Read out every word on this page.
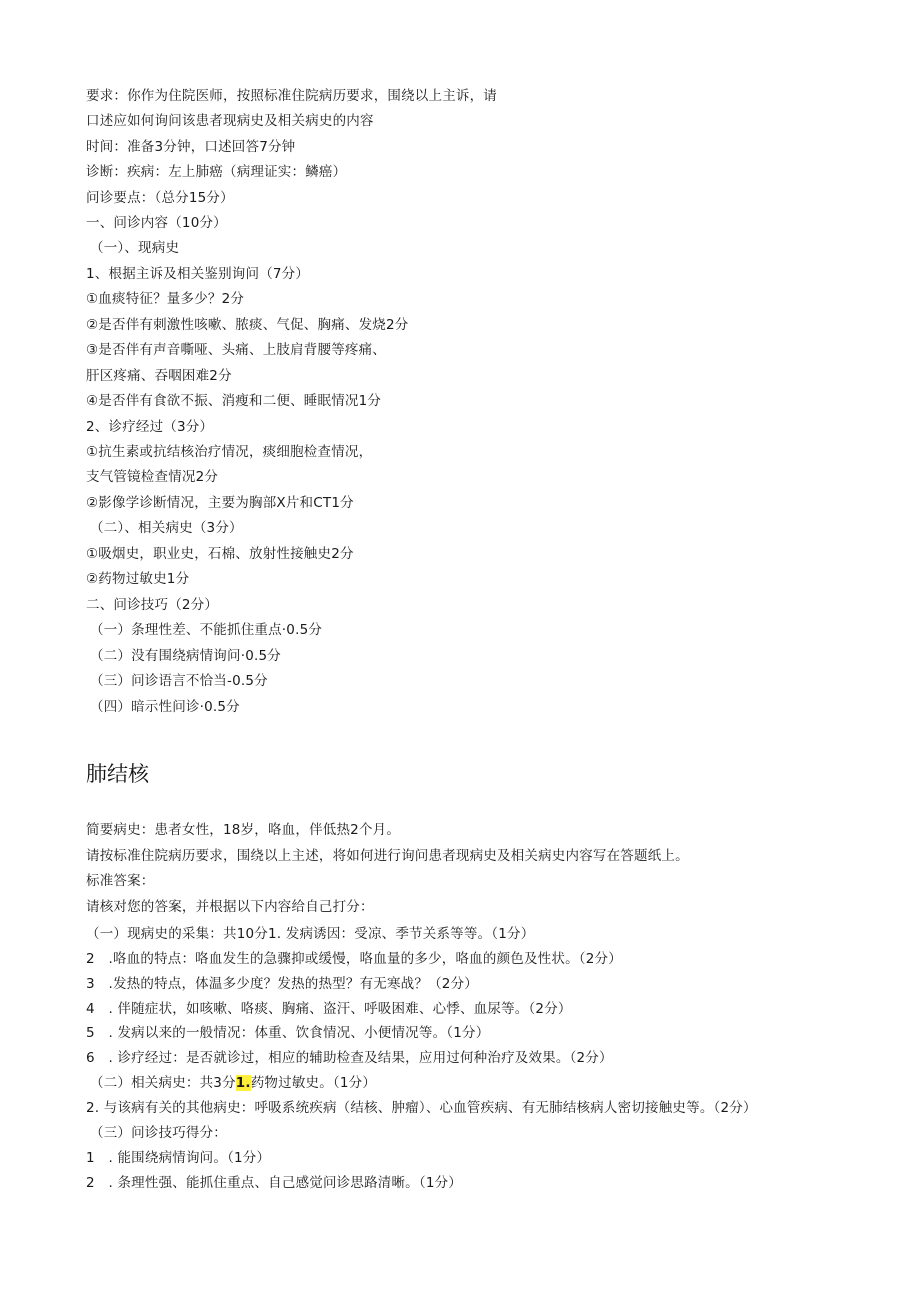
要求：你作为住院医师，按照标准住院病历要求，围绕以上主诉，请
口述应如何询问该患者现病史及相关病史的内容
时间：准备3分钟，口述回答7分钟
诊断：疾病：左上肺癌（病理证实：鳞癌）
问诊要点：（总分15分）
一、问诊内容（10分）
（一）、现病史
1、根据主诉及相关鉴别询问（7分）
①血痰特征？量多少？2分
②是否伴有刺激性咳嗽、脓痰、气促、胸痛、发烧2分
③是否伴有声音嘶哑、头痛、上肢肩背腰等疼痛、
肝区疼痛、吞咽困难2分
④是否伴有食欲不振、消瘦和二便、睡眠情况1分
2、诊疗经过（3分）
①抗生素或抗结核治疗情况，痰细胞检查情况，
支气管镜检查情况2分
②影像学诊断情况，主要为胸部X片和CT1分
（二）、相关病史（3分）
①吸烟史，职业史，石棉、放射性接触史2分
②药物过敏史1分
二、问诊技巧（2分）
（一）条理性差、不能抓住重点·0.5分
（二）没有围绕病情询问·0.5分
（三）问诊语言不恰当-0.5分
（四）暗示性问诊·0.5分
肺结核
简要病史：患者女性，18岁，咯血，伴低热2个月。
请按标准住院病历要求，围绕以上主述，将如何进行询问患者现病史及相关病史内容写在答题纸上。
标准答案：
请核对您的答案，并根据以下内容给自己打分：
（一）现病史的采集：共10分1. 发病诱因：受凉、季节关系等等。（1分）
2　.咯血的特点：咯血发生的急骤抑或缓慢，咯血量的多少，咯血的颜色及性状。（2分）
3　.发热的特点，体温多少度？发热的热型？有无寒战？（2分）
4　. 伴随症状，如咳嗽、咯痰、胸痛、盗汗、呼吸困难、心悸、血尿等。（2分）
5　. 发病以来的一般情况：体重、饮食情况、小便情况等。（1分）
6　. 诊疗经过：是否就诊过，相应的辅助检查及结果，应用过何种治疗及效果。（2分）
（二）相关病史：共3分1.药物过敏史。（1分）
2. 与该病有关的其他病史：呼吸系统疾病（结核、肿瘤）、心血管疾病、有无肺结核病人密切接触史等。（2分）
（三）问诊技巧得分：
1　. 能围绕病情询问。（1分）
2　. 条理性强、能抓住重点、自己感觉问诊思路清晰。（1分）
